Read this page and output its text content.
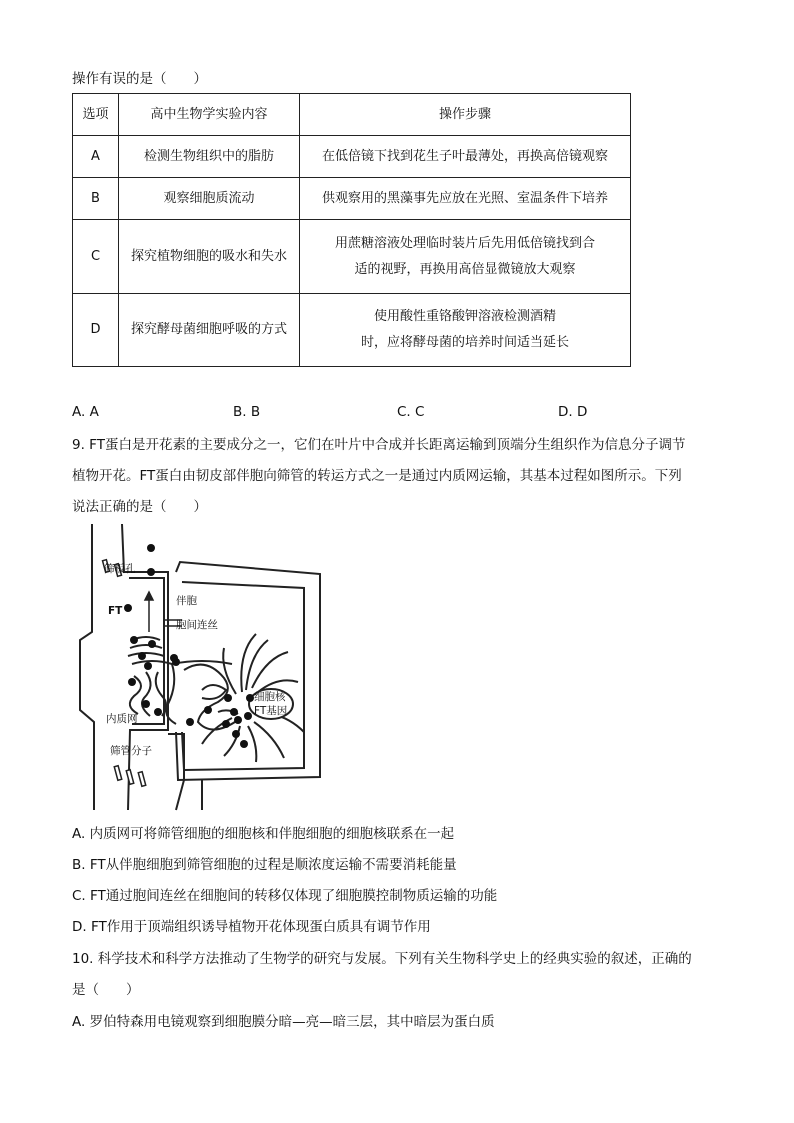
操作有误的是（　　）
选项	高中生物学实验内容	操作步骤
A	检测生物组织中的脂肪	在低倍镜下找到花生子叶最薄处，再换高倍镜观察

B	观察细胞质流动	供观察用的黑藻事先应放在光照、室温条件下培养

C	探究植物细胞的吸水和失水	用蔗糖溶液处理临时装片后先用低倍镜找到合
适的视野，再换用高倍显微镜放大观察

D	探究酵母菌细胞呼吸的方式	使用酸性重铬酸钾溶液检测酒精
时，应将酵母菌的培养时间适当延长
A. A	B. B	C. C	D. D
9. FT蛋白是开花素的主要成分之一，它们在叶片中合成并长距离运输到顶端分生组织作为信息分子调节
植物开花。FT蛋白由韧皮部伴胞向筛管的转运方式之一是通过内质网运输，其基本过程如图所示。下列
说法正确的是（　　）
筛板孔
FT
伴胞
胞间连丝
内质网
筛管分子
细胞核
FT基因
A. 内质网可将筛管细胞的细胞核和伴胞细胞的细胞核联系在一起
B. FT从伴胞细胞到筛管细胞的过程是顺浓度运输不需要消耗能量
C. FT通过胞间连丝在细胞间的转移仅体现了细胞膜控制物质运输的功能
D. FT作用于顶端组织诱导植物开花体现蛋白质具有调节作用
10. 科学技术和科学方法推动了生物学的研究与发展。下列有关生物科学史上的经典实验的叙述，正确的
是（　　）
A. 罗伯特森用电镜观察到细胞膜分暗—亮—暗三层，其中暗层为蛋白质
